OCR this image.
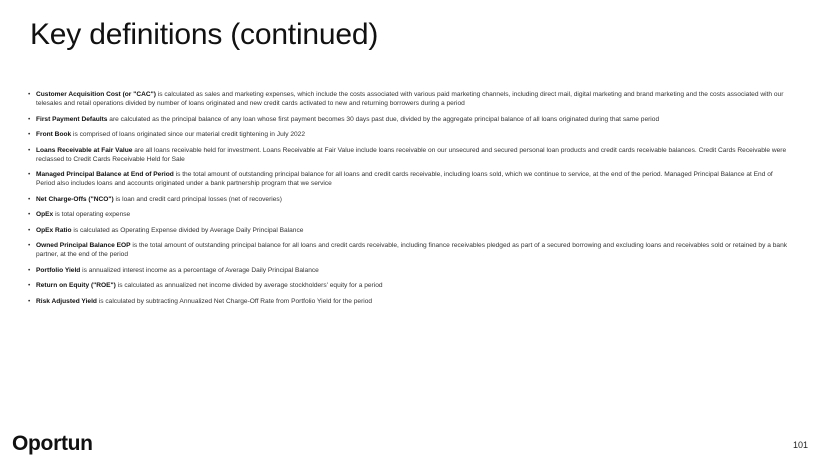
Key definitions (continued)
• Customer Acquisition Cost (or "CAC") is calculated as sales and marketing expenses, which include the costs associated with various paid marketing channels, including direct mail, digital marketing and brand marketing and the costs associated with our telesales and retail operations divided by number of loans originated and new credit cards activated to new and returning borrowers during a period
• First Payment Defaults are calculated as the principal balance of any loan whose first payment becomes 30 days past due, divided by the aggregate principal balance of all loans originated during that same period
• Front Book is comprised of loans originated since our material credit tightening in July 2022
• Loans Receivable at Fair Value are all loans receivable held for investment. Loans Receivable at Fair Value include loans receivable on our unsecured and secured personal loan products and credit cards receivable balances. Credit Cards Receivable were reclassed to Credit Cards Receivable Held for Sale
• Managed Principal Balance at End of Period is the total amount of outstanding principal balance for all loans and credit cards receivable, including loans sold, which we continue to service, at the end of the period. Managed Principal Balance at End of Period also includes loans and accounts originated under a bank partnership program that we service
• Net Charge-Offs ("NCO") is loan and credit card principal losses (net of recoveries)
• OpEx is total operating expense
• OpEx Ratio is calculated as Operating Expense divided by Average Daily Principal Balance
• Owned Principal Balance EOP is the total amount of outstanding principal balance for all loans and credit cards receivable, including finance receivables pledged as part of a secured borrowing and excluding loans and receivables sold or retained by a bank partner, at the end of the period
• Portfolio Yield is annualized interest income as a percentage of Average Daily Principal Balance
• Return on Equity ("ROE") is calculated as annualized net income divided by average stockholders' equity for a period
• Risk Adjusted Yield is calculated by subtracting Annualized Net Charge-Off Rate from Portfolio Yield for the period
Oportun	101
